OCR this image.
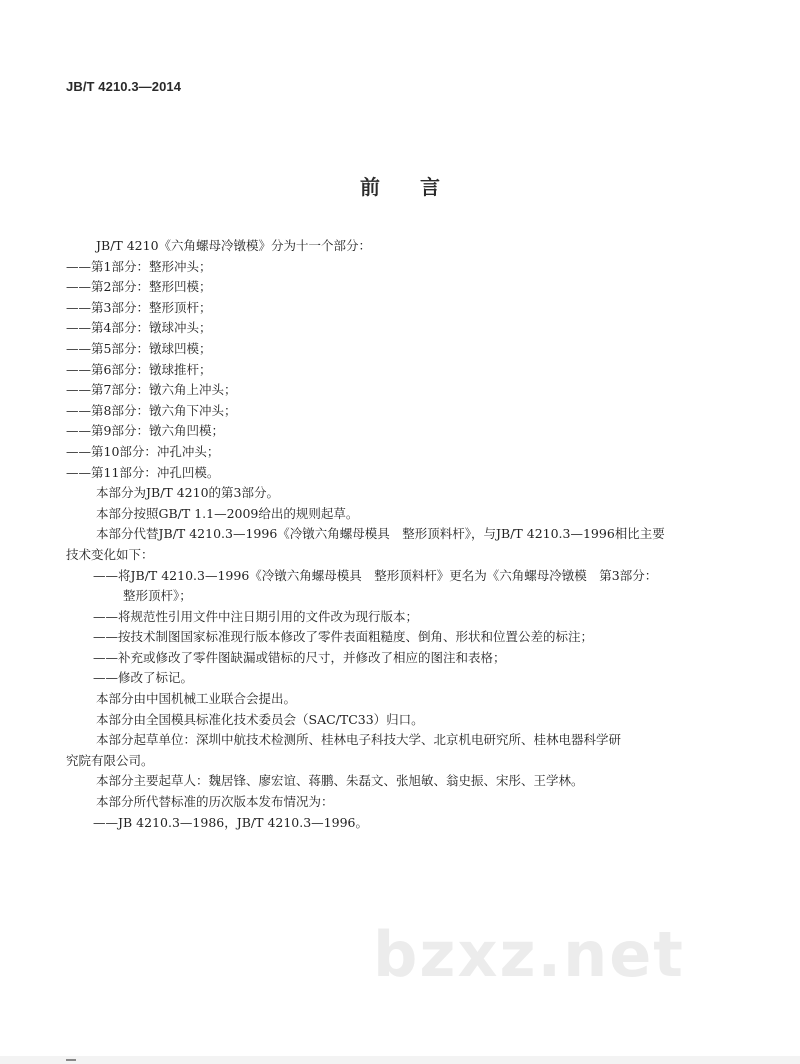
JB/T 4210.3—2014
前言
JB/T 4210《六角螺母冷镦模》分为十一个部分：
——第1部分：整形冲头；
——第2部分：整形凹模；
——第3部分：整形顶杆；
——第4部分：镦球冲头；
——第5部分：镦球凹模；
——第6部分：镦球推杆；
——第7部分：镦六角上冲头；
——第8部分：镦六角下冲头；
——第9部分：镦六角凹模；
——第10部分：冲孔冲头；
——第11部分：冲孔凹模。
本部分为JB/T 4210的第3部分。
本部分按照GB/T 1.1—2009给出的规则起草。
本部分代替JB/T 4210.3—1996《冷镦六角螺母模具　整形顶料杆》，与JB/T 4210.3—1996相比主要
技术变化如下：
——将JB/T 4210.3—1996《冷镦六角螺母模具　整形顶料杆》更名为《六角螺母冷镦模　第3部分：
整形顶杆》；
——将规范性引用文件中注日期引用的文件改为现行版本；
——按技术制图国家标准现行版本修改了零件表面粗糙度、倒角、形状和位置公差的标注；
——补充或修改了零件图缺漏或错标的尺寸，并修改了相应的图注和表格；
——修改了标记。
本部分由中国机械工业联合会提出。
本部分由全国模具标准化技术委员会（SAC/TC33）归口。
本部分起草单位：深圳中航技术检测所、桂林电子科技大学、北京机电研究所、桂林电器科学研
究院有限公司。
本部分主要起草人：魏居锋、廖宏谊、蒋鹏、朱磊文、张旭敏、翁史振、宋彤、王学林。
本部分所代替标准的历次版本发布情况为：
——JB 4210.3—1986，JB/T 4210.3—1996。
bzxz.net
